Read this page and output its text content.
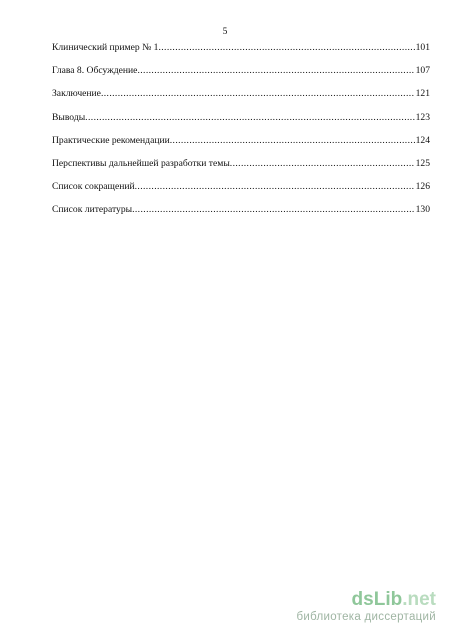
5
Клинический пример № 1 .....	101
Глава 8. Обсуждение .....	107
Заключение .....	121
Выводы .....	123
Практические рекомендации .....	124
Перспективы дальнейшей разработки темы .....	125
Список сокращений .....	126
Список литературы .....	130
dsLib.net
библиотека диссертаций
